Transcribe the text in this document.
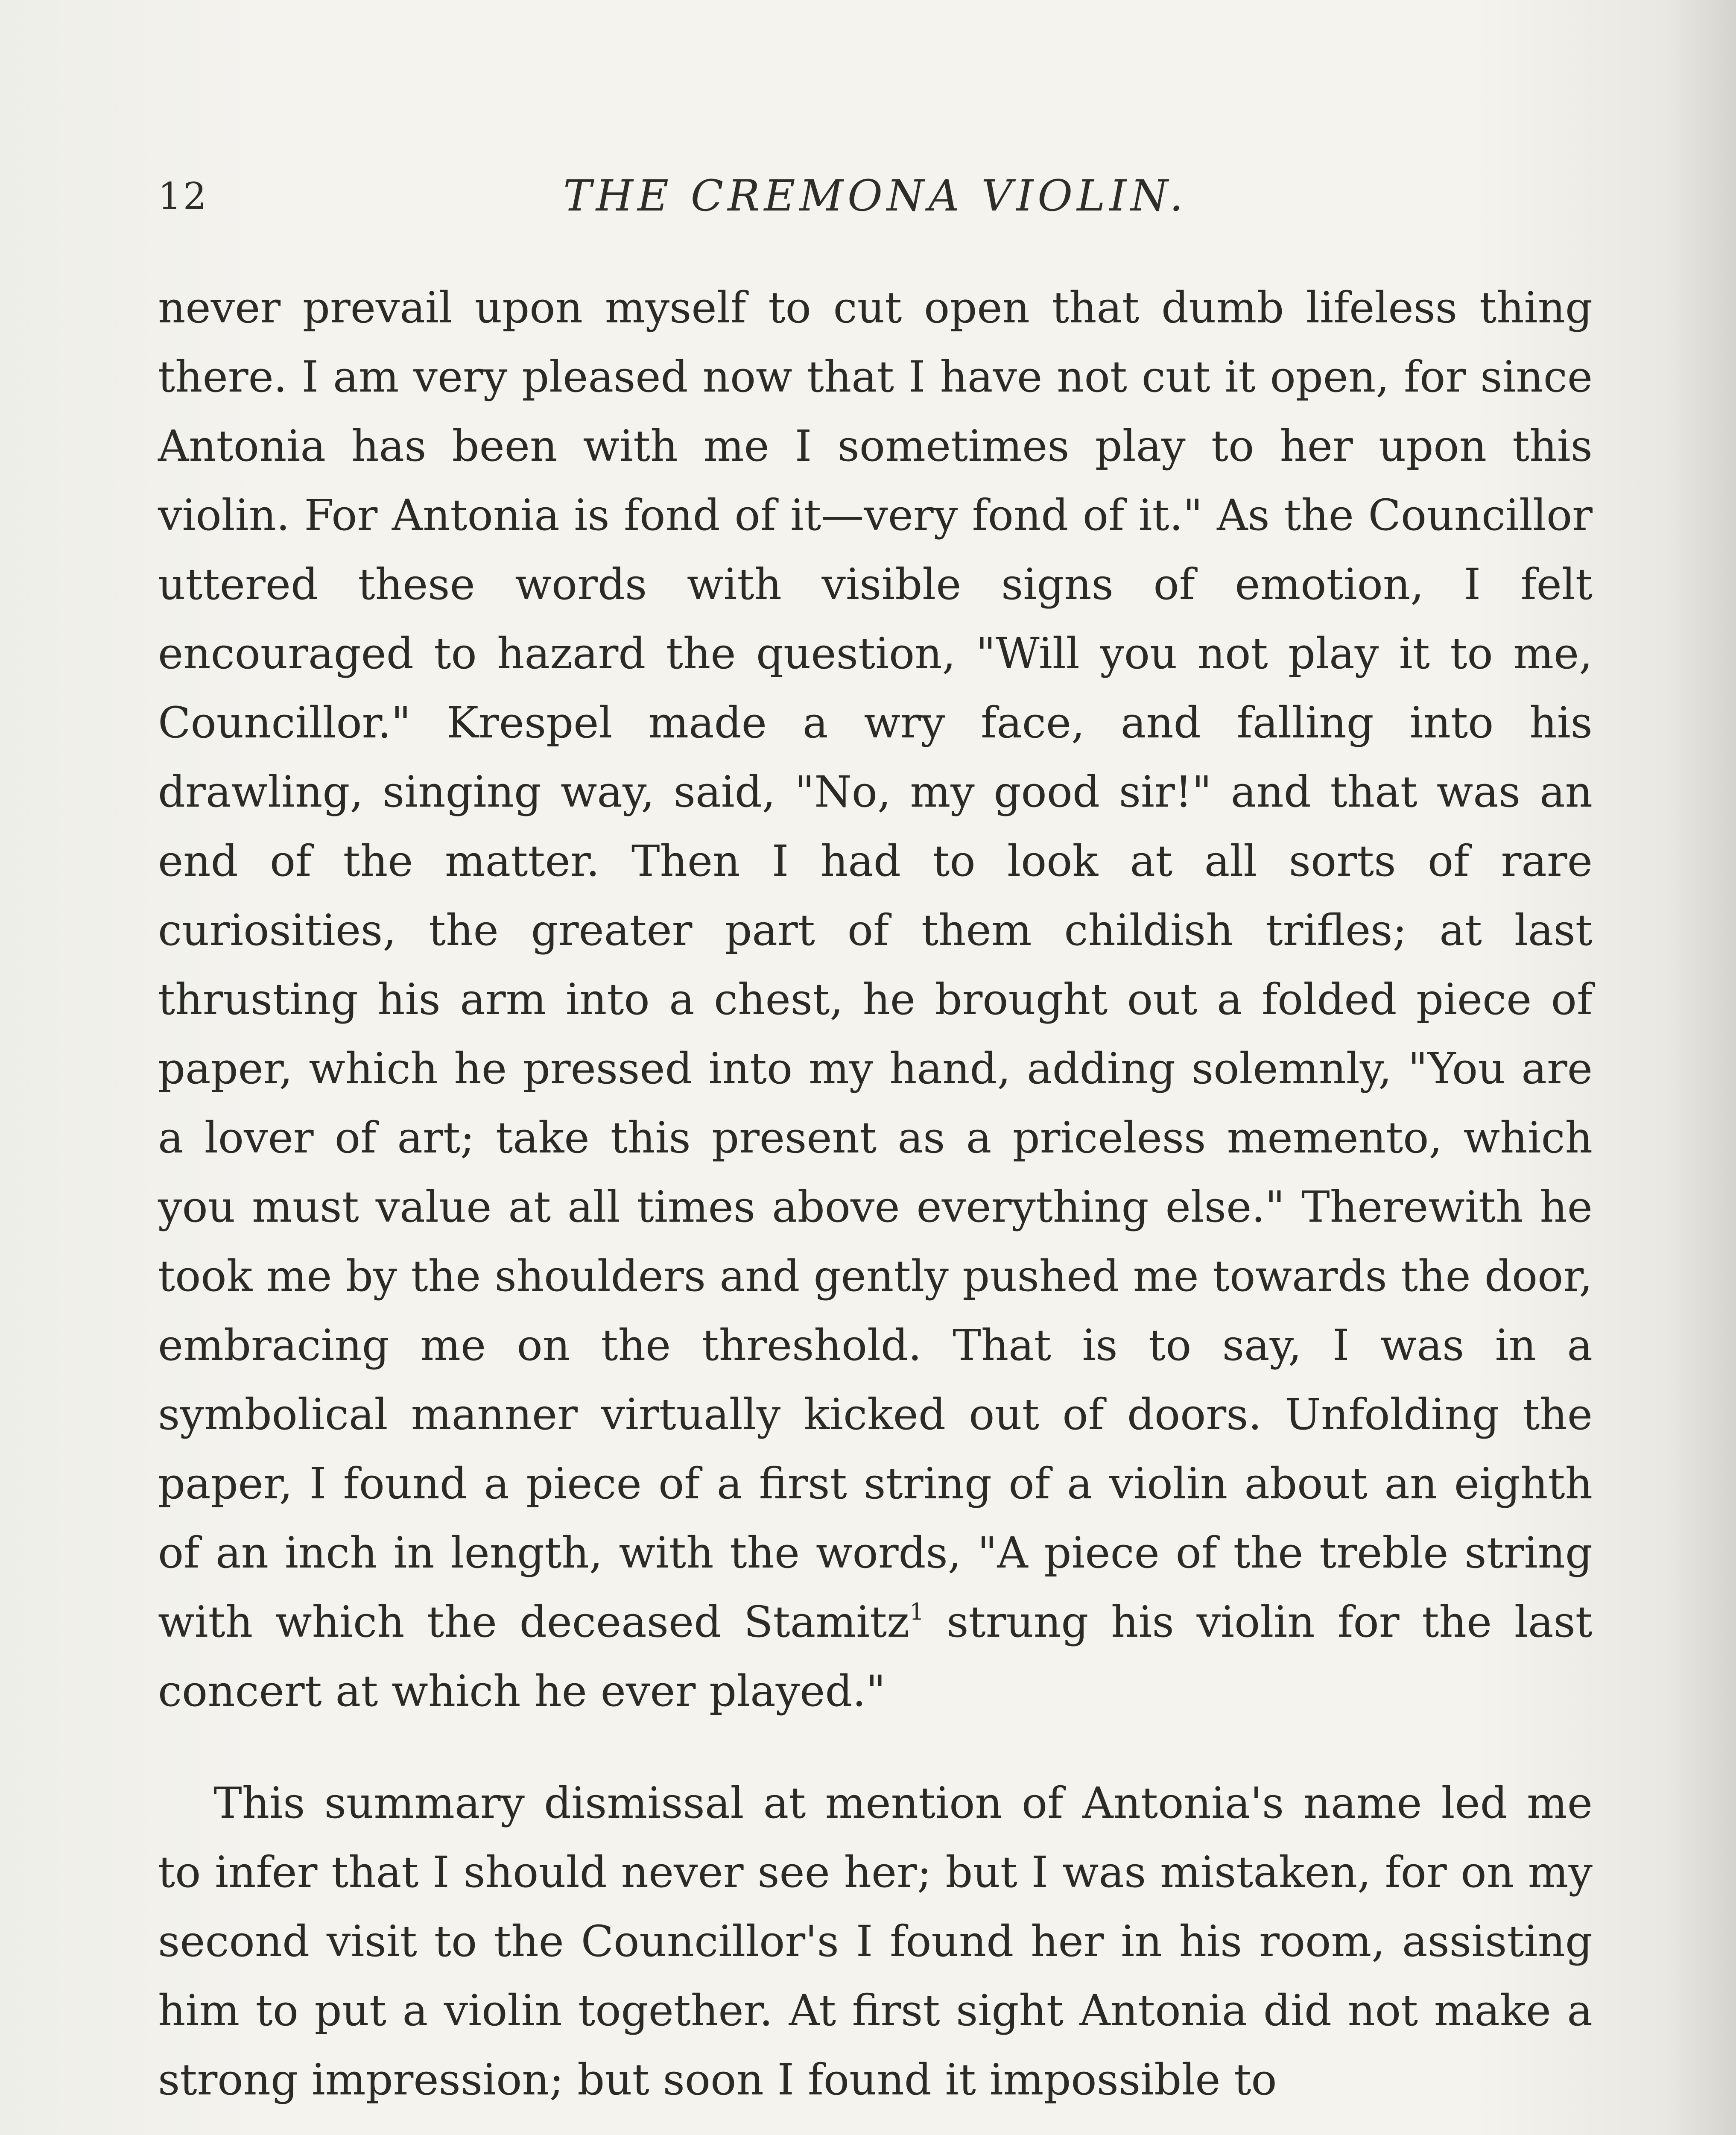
12	THE CREMONA VIOLIN.

never prevail upon myself to cut open that dumb lifeless thing there. I am very pleased now that I have not cut it open, for since Antonia has been with me I sometimes play to her upon this violin. For Antonia is fond of it—very fond of it." As the Councillor uttered these words with visible signs of emotion, I felt encouraged to hazard the question, "Will you not play it to me, Councillor." Krespel made a wry face, and falling into his drawling, singing way, said, "No, my good sir!" and that was an end of the matter. Then I had to look at all sorts of rare curiosities, the greater part of them childish trifles; at last thrusting his arm into a chest, he brought out a folded piece of paper, which he pressed into my hand, adding solemnly, "You are a lover of art; take this present as a priceless memento, which you must value at all times above everything else." Therewith he took me by the shoulders and gently pushed me towards the door, embracing me on the threshold. That is to say, I was in a symbolical manner virtually kicked out of doors. Unfolding the paper, I found a piece of a first string of a violin about an eighth of an inch in length, with the words, "A piece of the treble string with which the deceased Stamitz$^1$ strung his violin for the last concert at which he ever played."

This summary dismissal at mention of Antonia's name led me to infer that I should never see her; but I was mistaken, for on my second visit to the Councillor's I found her in his room, assisting him to put a violin together. At first sight Antonia did not make a strong impression; but soon I found it impossible to
